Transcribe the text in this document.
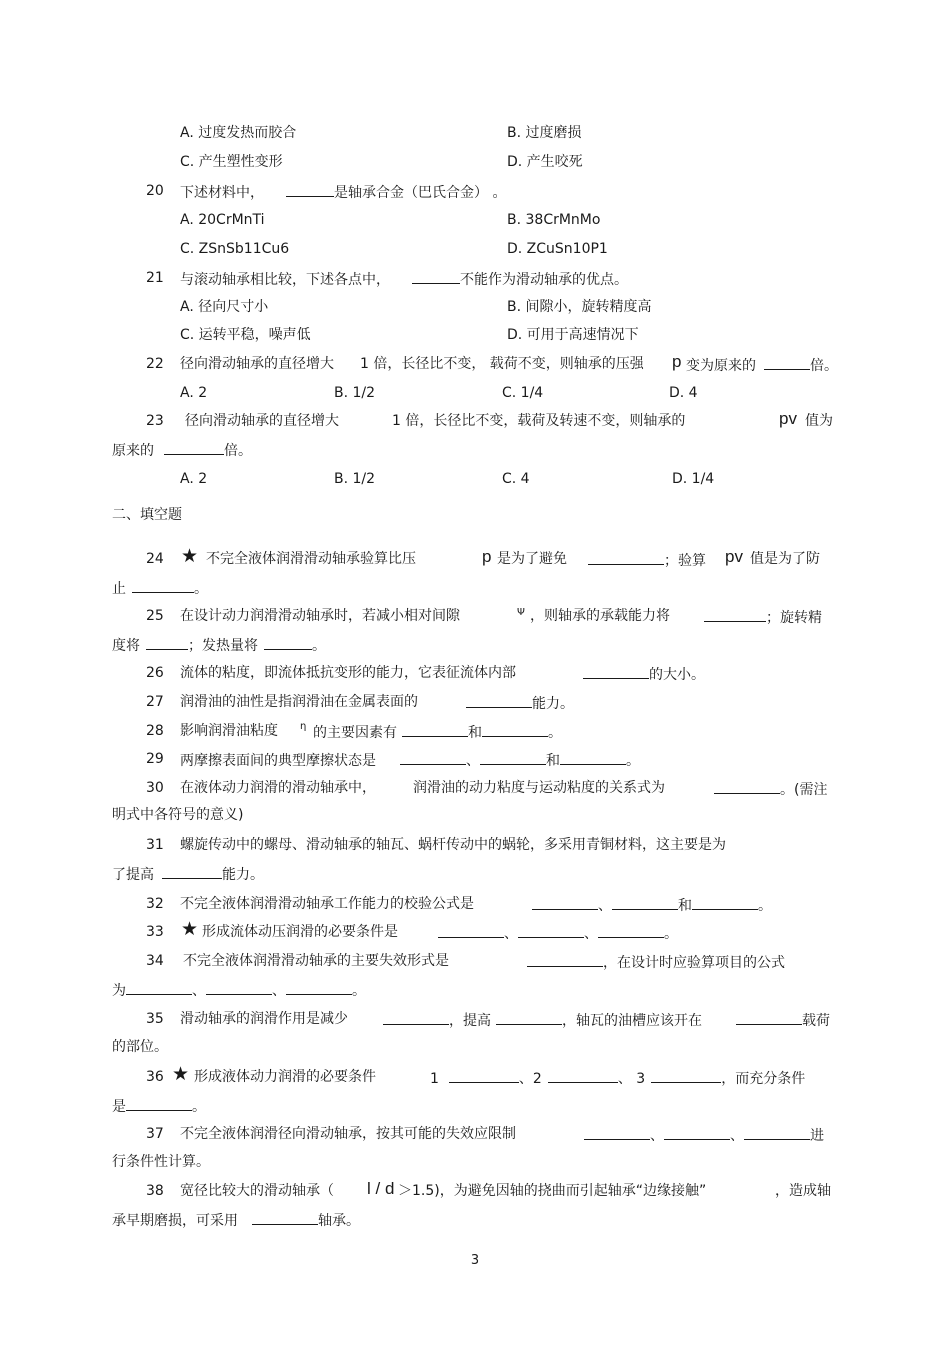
A. 过度发热而胶合	B. 过度磨损
C. 产生塑性变形	D. 产生咬死
20 下述材料中，	是轴承合金（巴氏合金） 。
A. 20CrMnTi	B. 38CrMnMo
C. ZSnSb11Cu6	D. ZCuSn10P1
21 与滚动轴承相比较，下述各点中，	不能作为滑动轴承的优点。
A. 径向尺寸小	B. 间隙小，旋转精度高
C. 运转平稳，噪声低	D. 可用于高速情况下
22 径向滑动轴承的直径增大 1 倍，长径比不变， 载荷不变，则轴承的压强 p 变为原来的	倍。
A. 2	B. 1/2	C. 1/4	D. 4
23 径向滑动轴承的直径增大	1 倍，长径比不变，载荷及转速不变，则轴承的	pv 值为
原来的	倍。
A. 2	B. 1/2	C. 4	D. 1/4
二、填空题
24 ★ 不完全液体润滑滑动轴承验算比压	p 是为了避免	；验算 pv 值是为了防
止	。
25 在设计动力润滑滑动轴承时，若减小相对间隙	Ψ ，则轴承的承载能力将	；旋转精
度将	；发热量将	。
26 流体的粘度，即流体抵抗变形的能力，它表征流体内部	的大小。
27 润滑油的油性是指润滑油在金属表面的	能力。
28 影响润滑油粘度 η 的主要因素有	和	。
29 两摩擦表面间的典型摩擦状态是	、	和	。
30 在液体动力润滑的滑动轴承中，	润滑油的动力粘度与运动粘度的关系式为	。(需注
明式中各符号的意义)
31 螺旋传动中的螺母、滑动轴承的轴瓦、蜗杆传动中的蜗轮，多采用青铜材料，这主要是为
了提高	能力。
32 不完全液体润滑滑动轴承工作能力的校验公式是	、	和	。
33 ★ 形成流体动压润滑的必要条件是	、	、	。
34 不完全液体润滑滑动轴承的主要失效形式是	，在设计时应验算项目的公式
为	、	、	。
35 滑动轴承的润滑作用是减少	，提高	，轴瓦的油槽应该开在	载荷
的部位。
36 ★ 形成液体动力润滑的必要条件	1	、2	、 3	，而充分条件
是	。
37 不完全液体润滑径向滑动轴承，按其可能的失效应限制	、	、	进
行条件性计算。
38 宽径比较大的滑动轴承（ l / d ＞1.5)，为避免因轴的挠曲而引起轴承“边缘接触”	，造成轴
承早期磨损，可采用	轴承。
3
